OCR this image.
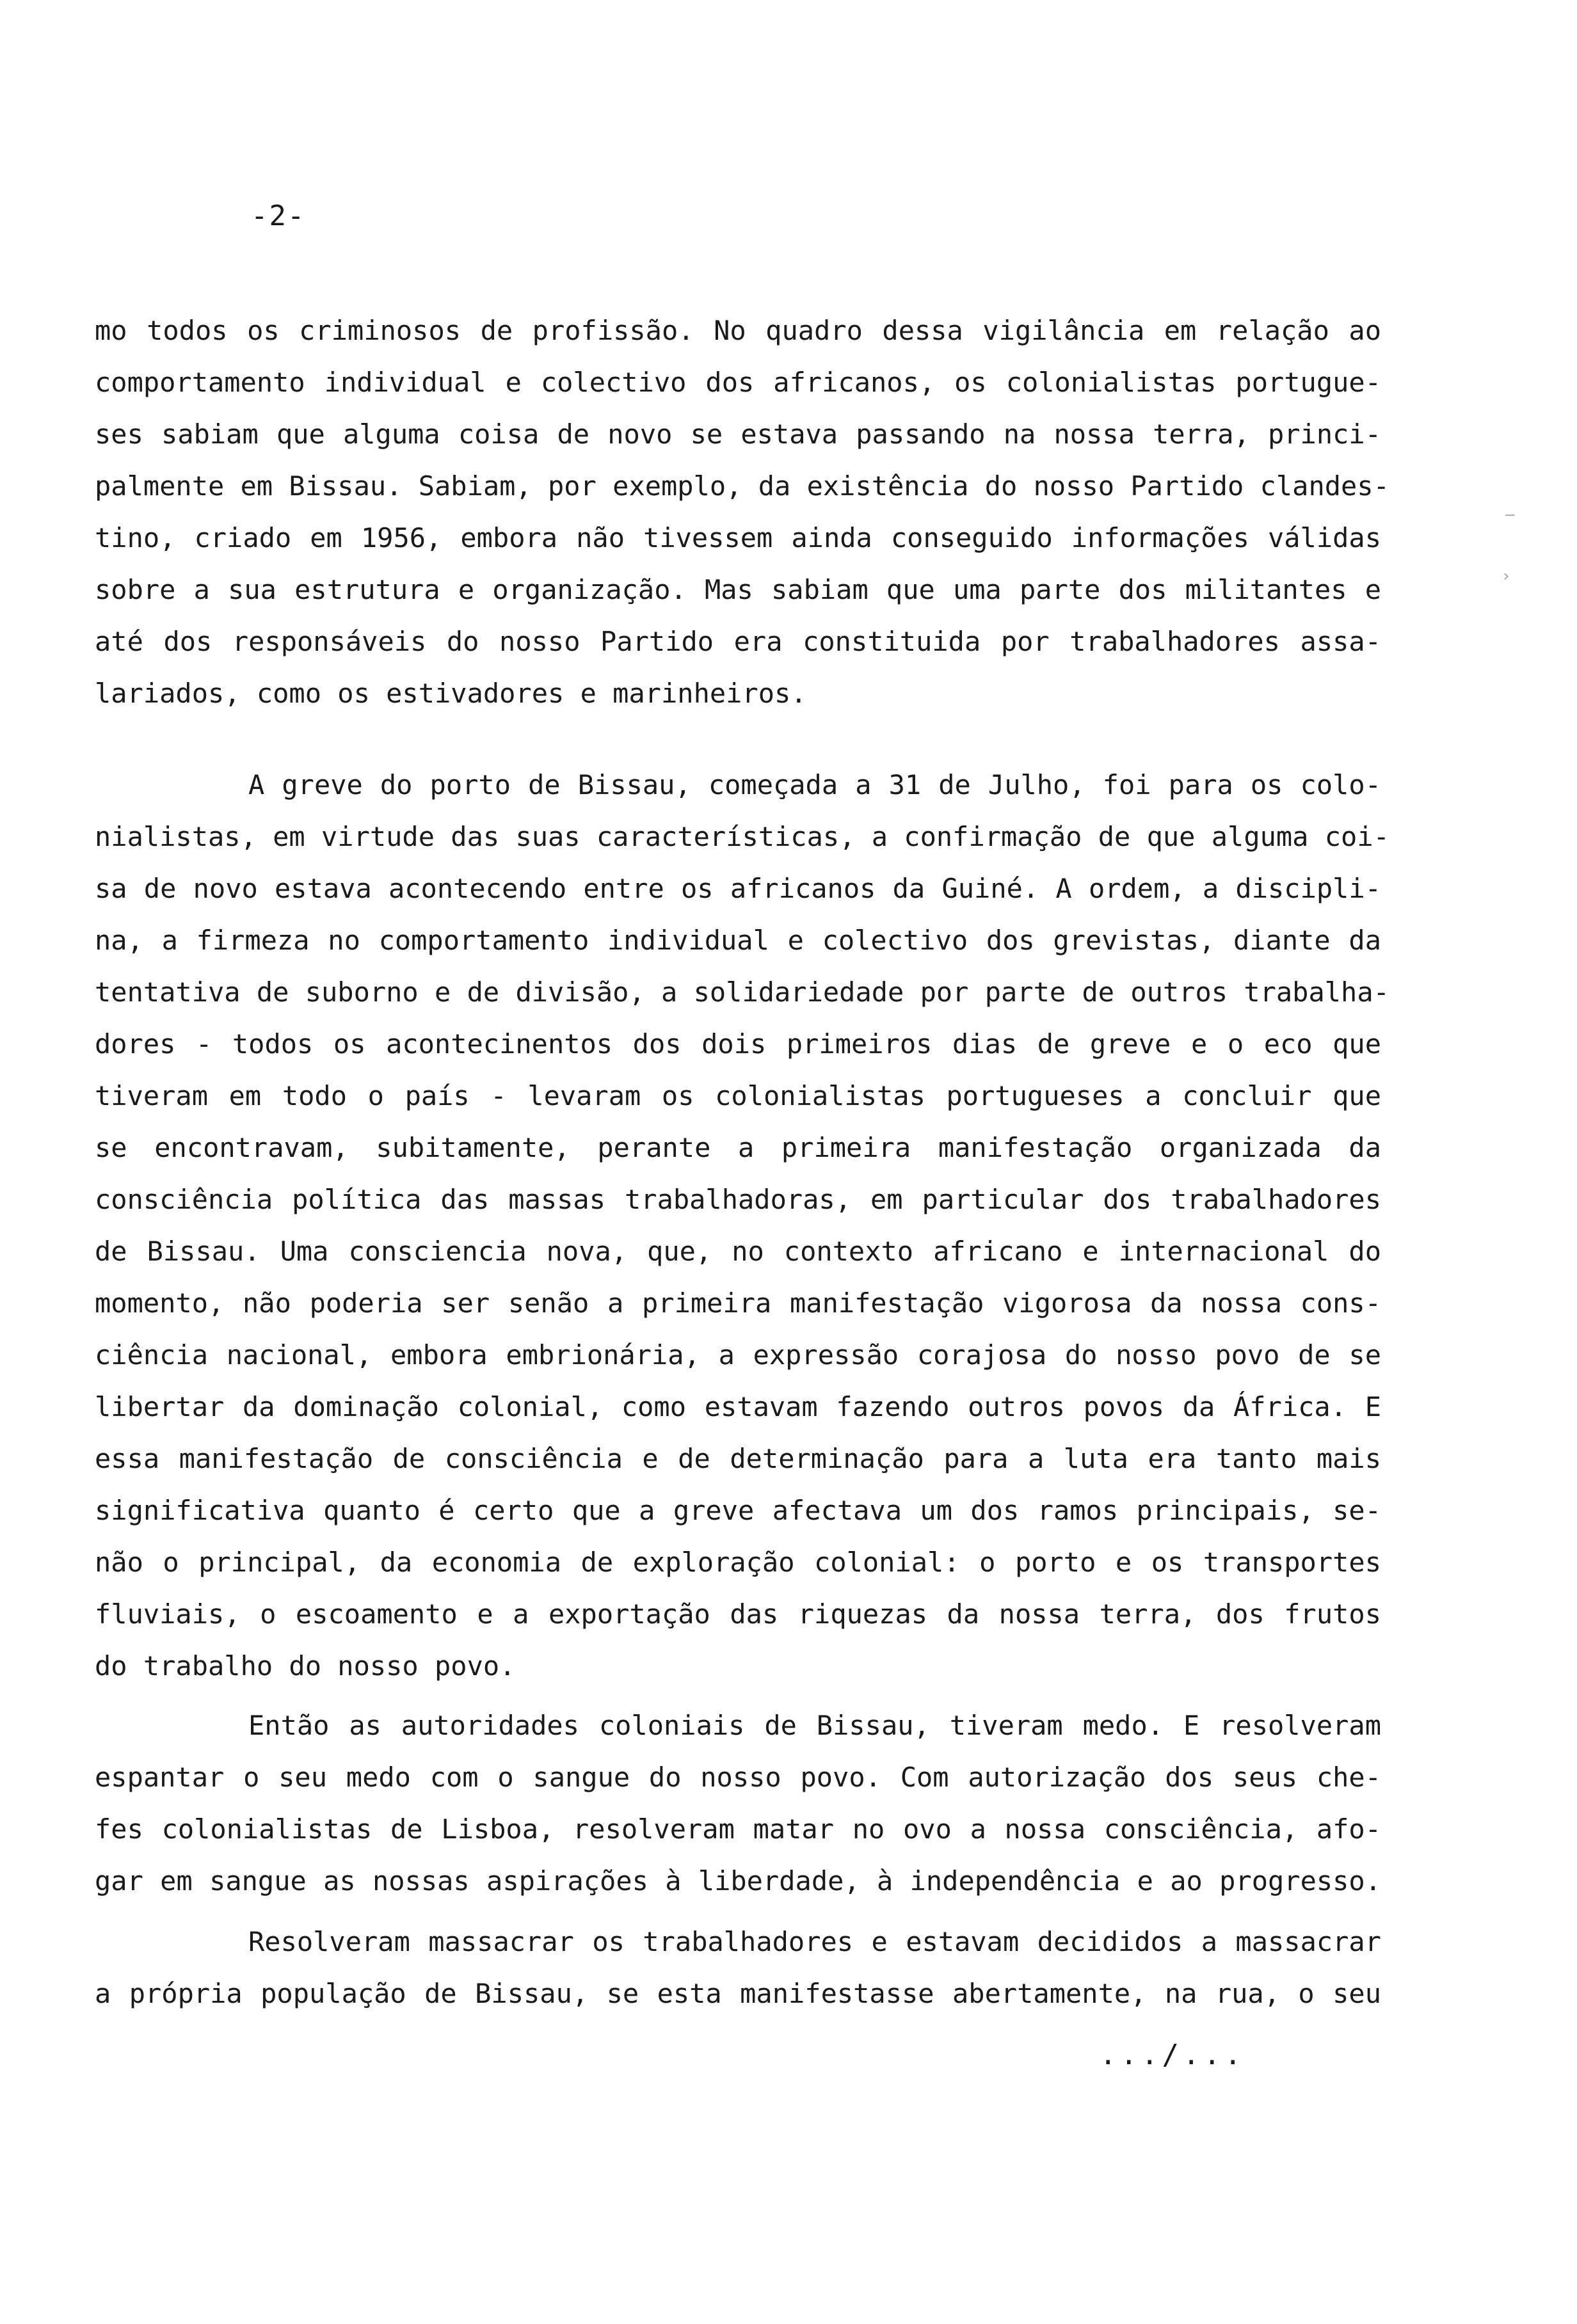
-2-
mo todos os criminosos de profissão. No quadro dessa vigilância em relação ao
comportamento individual e colectivo dos africanos, os colonialistas portugue-
ses sabiam que alguma coisa de novo se estava passando na nossa terra, princi-
palmente em Bissau. Sabiam, por exemplo, da existência do nosso Partido clandes-
tino, criado em 1956, embora não tivessem ainda conseguido informações válidas
sobre a sua estrutura e organização. Mas sabiam que uma parte dos militantes e
até dos responsáveis do nosso Partido era constituida por trabalhadores assa-
lariados, como os estivadores e marinheiros.
A greve do porto de Bissau, começada a 31 de Julho, foi para os colo-
nialistas, em virtude das suas características, a confirmação de que alguma coi-
sa de novo estava acontecendo entre os africanos da Guiné. A ordem, a discipli-
na, a firmeza no comportamento individual e colectivo dos grevistas, diante da
tentativa de suborno e de divisão, a solidariedade por parte de outros trabalha-
dores - todos os acontecinentos dos dois primeiros dias de greve e o eco que
tiveram em todo o país - levaram os colonialistas portugueses a concluir que
se encontravam, subitamente, perante a primeira manifestação organizada da
consciência política das massas trabalhadoras, em particular dos trabalhadores
de Bissau. Uma consciencia nova, que, no contexto africano e internacional do
momento, não poderia ser senão a primeira manifestação vigorosa da nossa cons-
ciência nacional, embora embrionária, a expressão corajosa do nosso povo de se
libertar da dominação colonial, como estavam fazendo outros povos da África. E
essa manifestação de consciência e de determinação para a luta era tanto mais
significativa quanto é certo que a greve afectava um dos ramos principais, se-
não o principal, da economia de exploração colonial: o porto e os transportes
fluviais, o escoamento e a exportação das riquezas da nossa terra, dos frutos
do trabalho do nosso povo.
Então as autoridades coloniais de Bissau, tiveram medo. E resolveram
espantar o seu medo com o sangue do nosso povo. Com autorização dos seus che-
fes colonialistas de Lisboa, resolveram matar no ovo a nossa consciência, afo-
gar em sangue as nossas aspirações à liberdade, à independência e ao progresso.
Resolveram massacrar os trabalhadores e estavam decididos a massacrar
a própria população de Bissau, se esta manifestasse abertamente, na rua, o seu
.../...
–
›
